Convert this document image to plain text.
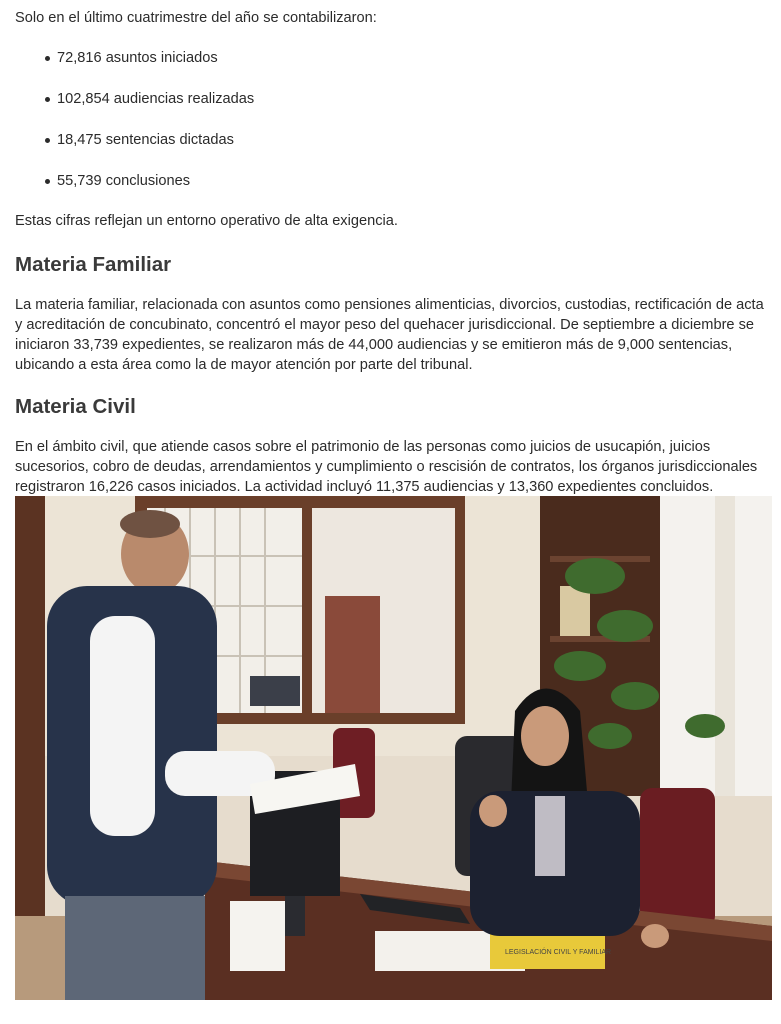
Solo en el último cuatrimestre del año se contabilizaron:

72,816 asuntos iniciados
102,854 audiencias realizadas
18,475 sentencias dictadas
55,739 conclusiones

Estas cifras reflejan un entorno operativo de alta exigencia.

Materia Familiar

La materia familiar, relacionada con asuntos como pensiones alimenticias, divorcios, custodias, rectificación de acta
y acreditación de concubinato, concentró el mayor peso del quehacer jurisdiccional. De septiembre a diciembre se
iniciaron 33,739 expedientes, se realizaron más de 44,000 audiencias y se emitieron más de 9,000 sentencias,
ubicando a esta área como la de mayor atención por parte del tribunal.

Materia Civil

En el ámbito civil, que atiende casos sobre el patrimonio de las personas como juicios de usucapión, juicios
sucesorios, cobro de deudas, arrendamientos y cumplimiento o rescisión de contratos, los órganos jurisdiccionales
registraron 16,226 casos iniciados. La actividad incluyó 11,375 audiencias y 13,360 expedientes concluidos.

LEGISLACIÓN CIVIL Y FAMILIAR
